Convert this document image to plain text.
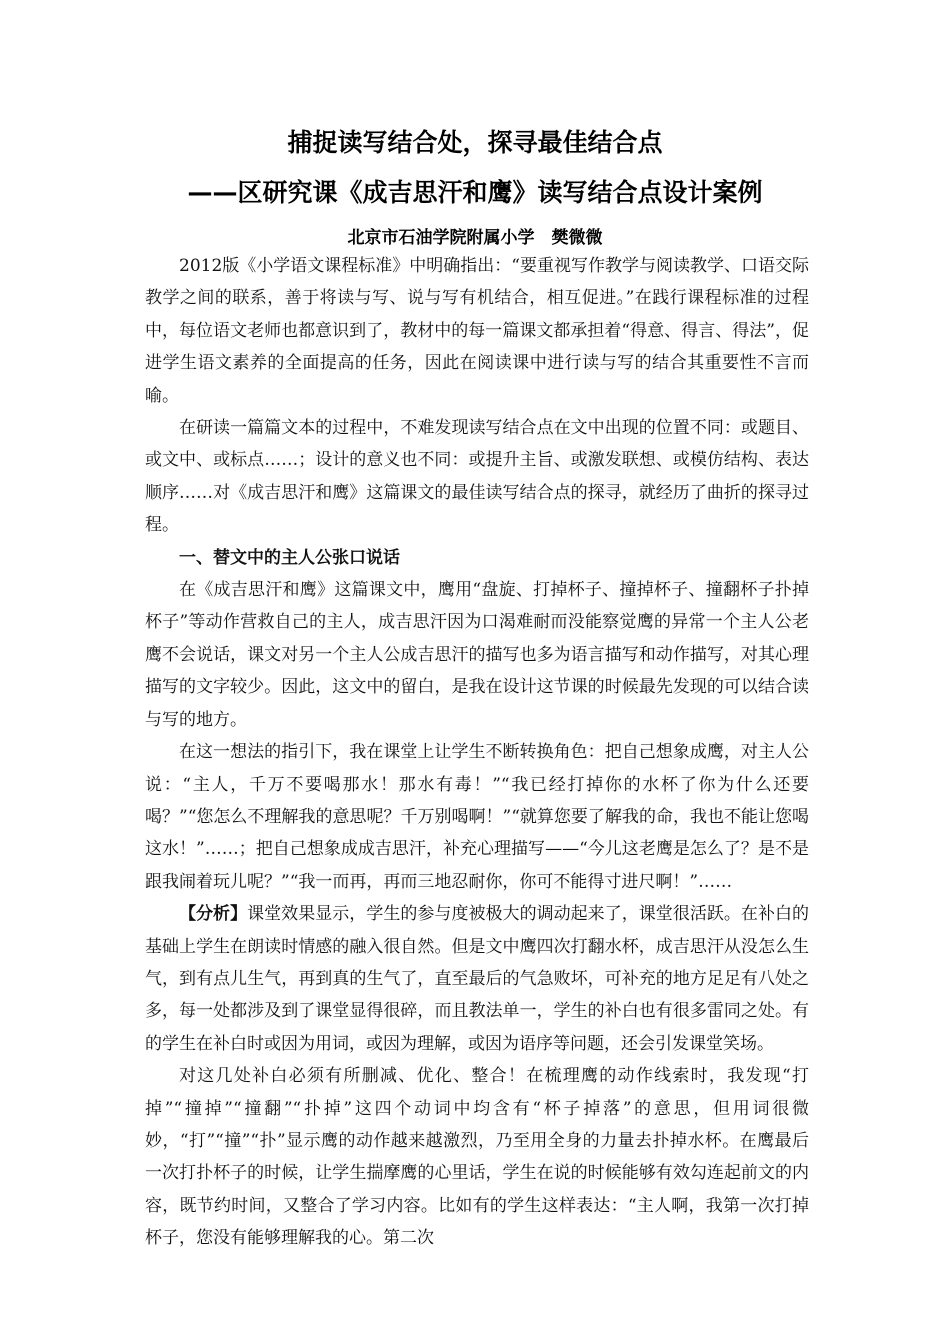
捕捉读写结合处，探寻最佳结合点
——区研究课《成吉思汗和鹰》读写结合点设计案例
北京市石油学院附属小学　樊微微

2012版《小学语文课程标准》中明确指出：“要重视写作教学与阅读教学、口语交际教学之间的联系，善于将读与写、说与写有机结合，相互促进。”在践行课程标准的过程中，每位语文老师也都意识到了，教材中的每一篇课文都承担着“得意、得言、得法”，促进学生语文素养的全面提高的任务，因此在阅读课中进行读与写的结合其重要性不言而喻。

在研读一篇篇文本的过程中，不难发现读写结合点在文中出现的位置不同：或题目、或文中、或标点……；设计的意义也不同：或提升主旨、或激发联想、或模仿结构、表达顺序……对《成吉思汗和鹰》这篇课文的最佳读写结合点的探寻，就经历了曲折的探寻过程。

一、替文中的主人公张口说话

在《成吉思汗和鹰》这篇课文中，鹰用“盘旋、打掉杯子、撞掉杯子、撞翻杯子扑掉杯子”等动作营救自己的主人，成吉思汗因为口渴难耐而没能察觉鹰的异常一个主人公老鹰不会说话，课文对另一个主人公成吉思汗的描写也多为语言描写和动作描写，对其心理描写的文字较少。因此，这文中的留白，是我在设计这节课的时候最先发现的可以结合读与写的地方。

在这一想法的指引下，我在课堂上让学生不断转换角色：把自己想象成鹰，对主人公说：“主人，千万不要喝那水！那水有毒！”“我已经打掉你的水杯了你为什么还要喝？”“您怎么不理解我的意思呢？千万别喝啊！”“就算您要了解我的命，我也不能让您喝这水！”……；把自己想象成成吉思汗，补充心理描写——“今儿这老鹰是怎么了？是不是跟我闹着玩儿呢？”“我一而再，再而三地忍耐你，你可不能得寸进尺啊！”……

【分析】课堂效果显示，学生的参与度被极大的调动起来了，课堂很活跃。在补白的基础上学生在朗读时情感的融入很自然。但是文中鹰四次打翻水杯，成吉思汗从没怎么生气，到有点儿生气，再到真的生气了，直至最后的气急败坏，可补充的地方足足有八处之多，每一处都涉及到了课堂显得很碎，而且教法单一，学生的补白也有很多雷同之处。有的学生在补白时或因为用词，或因为理解，或因为语序等问题，还会引发课堂笑场。

对这几处补白必须有所删减、优化、整合！在梳理鹰的动作线索时，我发现“打掉”“撞掉”“撞翻”“扑掉”这四个动词中均含有“杯子掉落”的意思，但用词很微妙，“打”“撞”“扑”显示鹰的动作越来越激烈，乃至用全身的力量去扑掉水杯。在鹰最后一次打扑杯子的时候，让学生揣摩鹰的心里话，学生在说的时候能够有效勾连起前文的内容，既节约时间，又整合了学习内容。比如有的学生这样表达：“主人啊，我第一次打掉杯子，您没有能够理解我的心。第二次
